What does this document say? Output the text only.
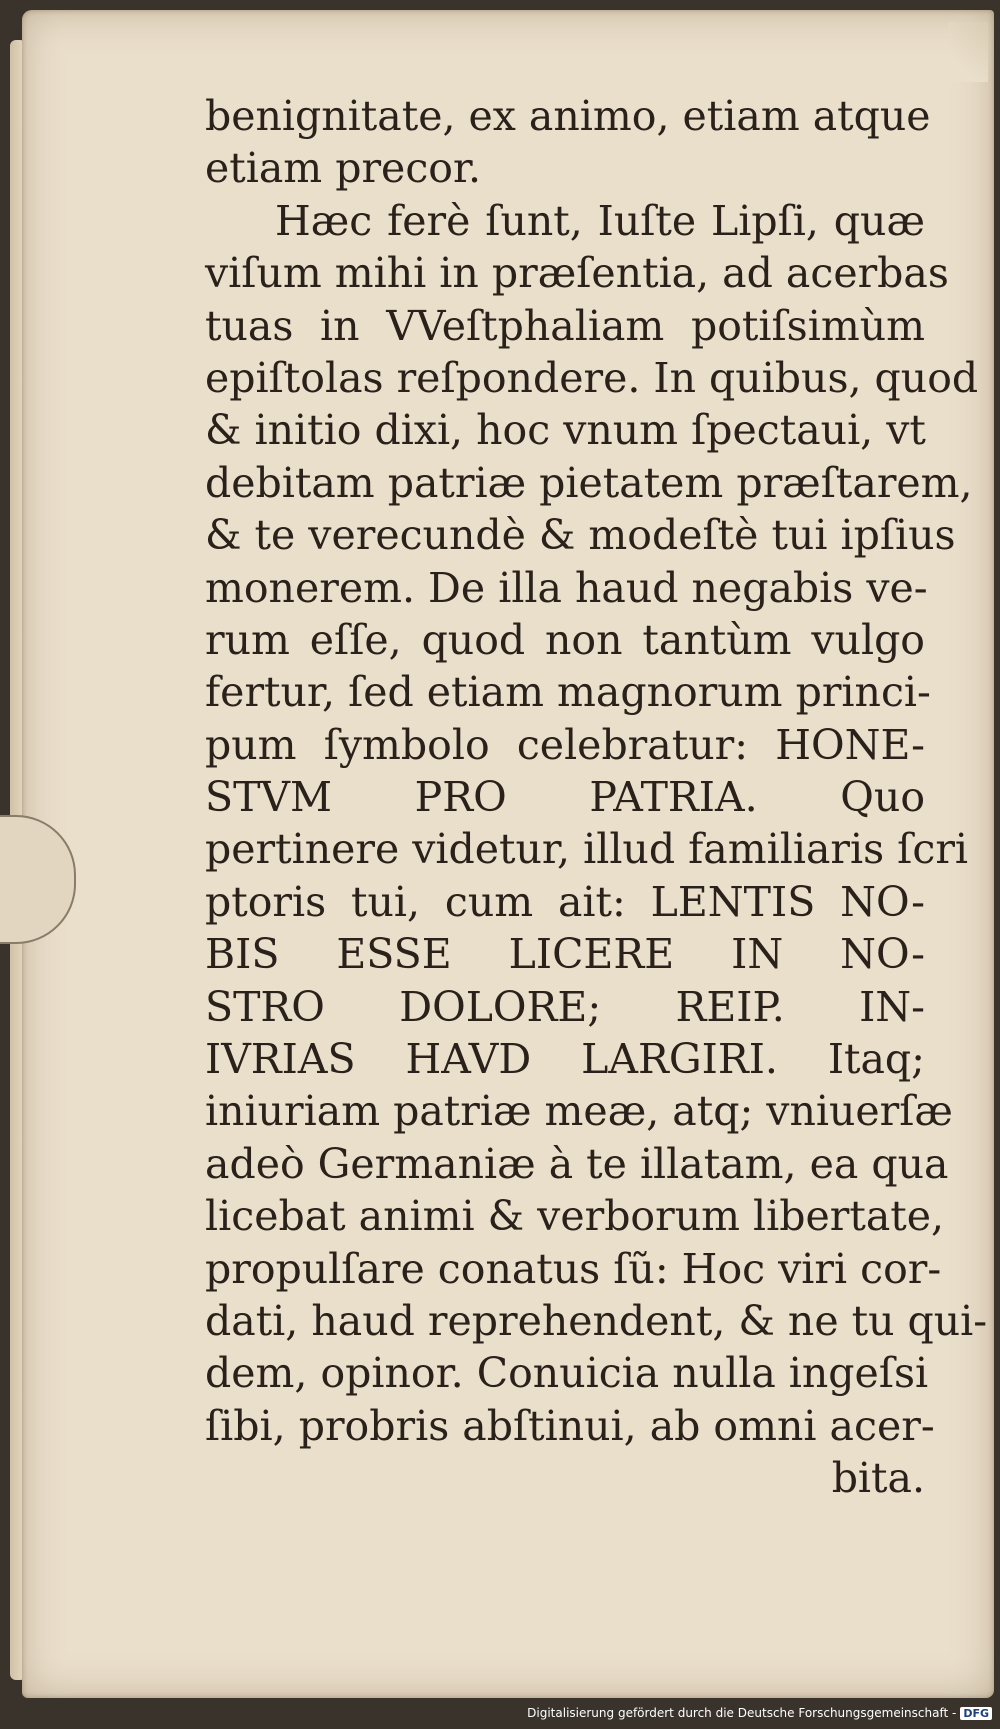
benignitate, ex animo, etiam atque
etiam precor.
Hæc ferè ſunt, Iuſte Lipſi, quæ
viſum mihi in præſentia, ad acerbas
tuas in VVeſtphaliam potiſsimùm
epiſtolas reſpondere. In quibus, quod
& initio dixi, hoc vnum ſpectaui, vt
debitam patriæ pietatem præſtarem,
& te verecundè & modeſtè tui ipſius
monerem. De illa haud negabis ve-
rum eſſe, quod non tantùm vulgo
fertur, ſed etiam magnorum princi-
pum ſymbolo celebratur: HONE-
STVM PRO PATRIA. Quo
pertinere videtur, illud familiaris ſcri
ptoris tui, cum ait: LENTIS NO-
BIS ESSE LICERE IN NO-
STRO DOLORE; REIP. IN-
IVRIAS HAVD LARGIRI. Itaq;
iniuriam patriæ meæ, atq; vniuerſæ
adeò Germaniæ à te illatam, ea qua
licebat animi & verborum libertate,
propulſare conatus ſũ: Hoc viri cor-
dati, haud reprehendent, & ne tu qui-
dem, opinor. Conuicia nulla ingeſsi
ſibi, probris abſtinui, ab omni acer-
bita.
Digitalisierung gefördert durch die Deutsche Forschungsgemeinschaft - DFG
